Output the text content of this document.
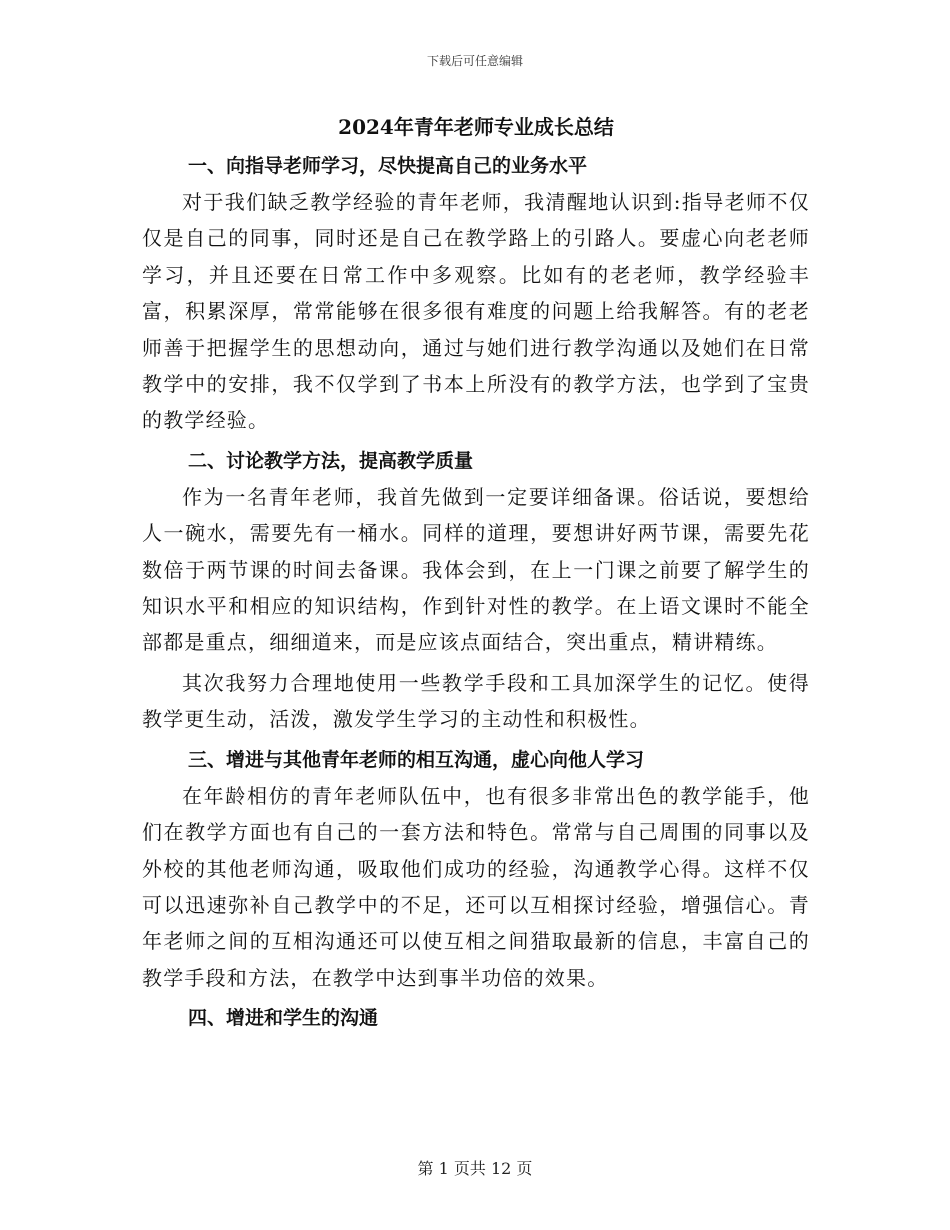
下载后可任意编辑
2024年青年老师专业成长总结
一、向指导老师学习，尽快提高自己的业务水平

对于我们缺乏教学经验的青年老师，我清醒地认识到:指导老师不仅仅是自己的同事，同时还是自己在教学路上的引路人。要虚心向老老师学习，并且还要在日常工作中多观察。比如有的老老师，教学经验丰富，积累深厚，常常能够在很多很有难度的问题上给我解答。有的老老师善于把握学生的思想动向，通过与她们进行教学沟通以及她们在日常教学中的安排，我不仅学到了书本上所没有的教学方法，也学到了宝贵的教学经验。

二、讨论教学方法，提高教学质量

作为一名青年老师，我首先做到一定要详细备课。俗话说，要想给人一碗水，需要先有一桶水。同样的道理，要想讲好两节课，需要先花数倍于两节课的时间去备课。我体会到，在上一门课之前要了解学生的知识水平和相应的知识结构，作到针对性的教学。在上语文课时不能全部都是重点，细细道来，而是应该点面结合，突出重点，精讲精练。

其次我努力合理地使用一些教学手段和工具加深学生的记忆。使得教学更生动，活泼，激发学生学习的主动性和积极性。

三、增进与其他青年老师的相互沟通，虚心向他人学习

在年龄相仿的青年老师队伍中，也有很多非常出色的教学能手，他们在教学方面也有自己的一套方法和特色。常常与自己周围的同事以及外校的其他老师沟通，吸取他们成功的经验，沟通教学心得。这样不仅可以迅速弥补自己教学中的不足，还可以互相探讨经验，增强信心。青年老师之间的互相沟通还可以使互相之间猎取最新的信息，丰富自己的教学手段和方法，在教学中达到事半功倍的效果。

四、增进和学生的沟通
第 1 页共 12 页
